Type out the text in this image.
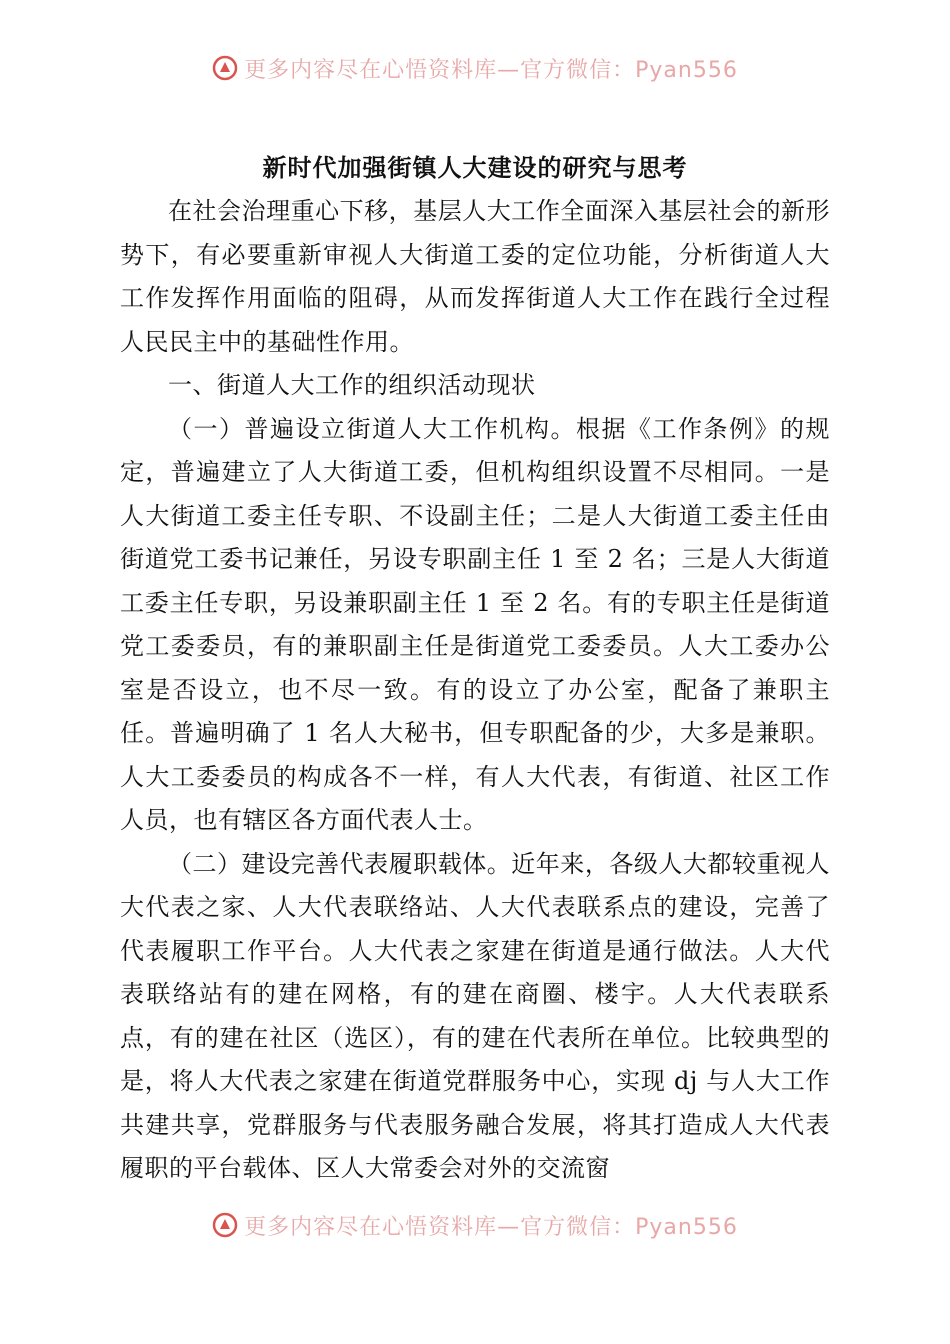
更多内容尽在心悟资料库—官方微信：Pyan556
新时代加强街镇人大建设的研究与思考

在社会治理重心下移，基层人大工作全面深入基层社会的新形势下，有必要重新审视人大街道工委的定位功能，分析街道人大工作发挥作用面临的阻碍，从而发挥街道人大工作在践行全过程人民民主中的基础性作用。

一、街道人大工作的组织活动现状

（一）普遍设立街道人大工作机构。根据《工作条例》的规定，普遍建立了人大街道工委，但机构组织设置不尽相同。一是人大街道工委主任专职、不设副主任；二是人大街道工委主任由街道党工委书记兼任，另设专职副主任 1 至 2 名；三是人大街道工委主任专职，另设兼职副主任 1 至 2 名。有的专职主任是街道党工委委员，有的兼职副主任是街道党工委委员。人大工委办公室是否设立，也不尽一致。有的设立了办公室，配备了兼职主任。普遍明确了 1 名人大秘书，但专职配备的少，大多是兼职。人大工委委员的构成各不一样，有人大代表，有街道、社区工作人员，也有辖区各方面代表人士。

（二）建设完善代表履职载体。近年来，各级人大都较重视人大代表之家、人大代表联络站、人大代表联系点的建设，完善了代表履职工作平台。人大代表之家建在街道是通行做法。人大代表联络站有的建在网格，有的建在商圈、楼宇。人大代表联系点，有的建在社区（选区），有的建在代表所在单位。比较典型的是，将人大代表之家建在街道党群服务中心，实现 dj 与人大工作共建共享，党群服务与代表服务融合发展，将其打造成人大代表履职的平台载体、区人大常委会对外的交流窗

更多内容尽在心悟资料库—官方微信：Pyan556
